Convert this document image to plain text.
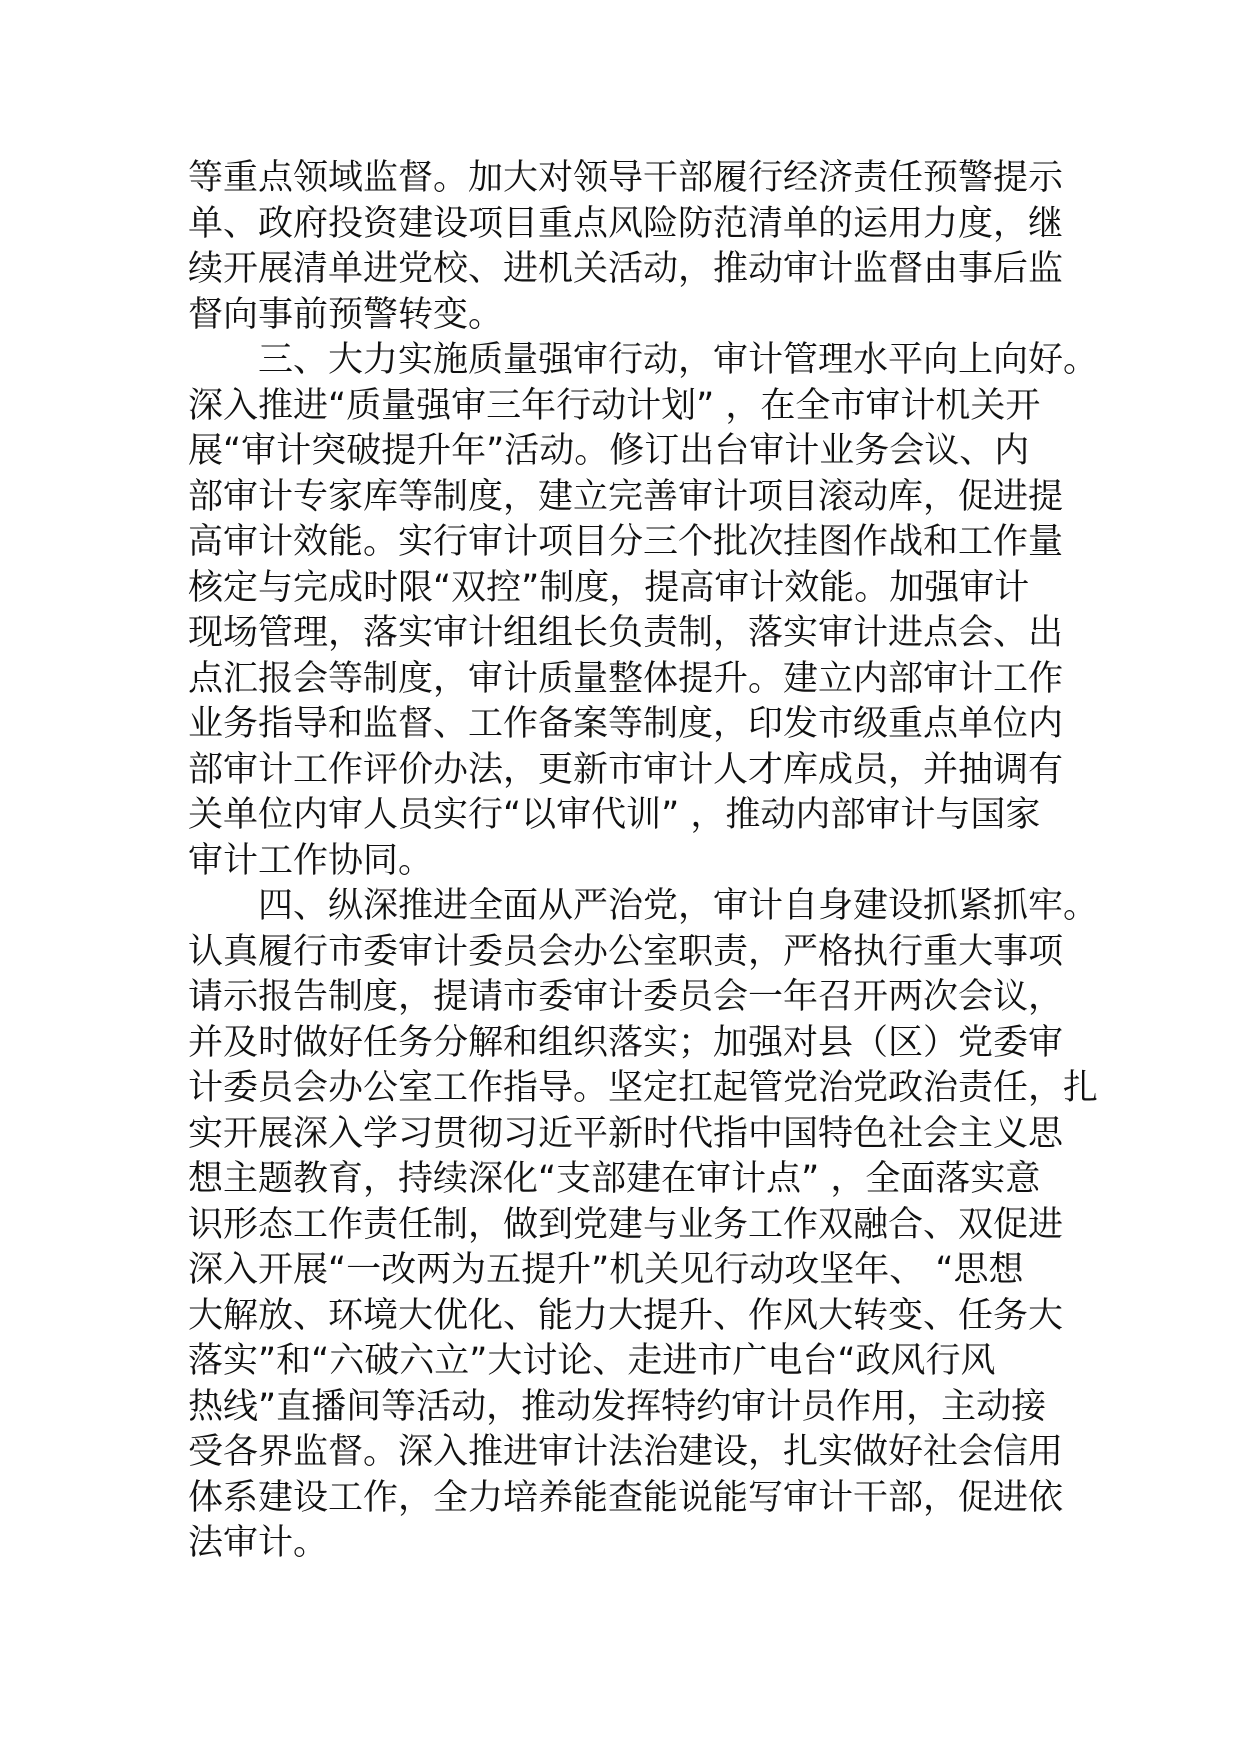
等重点领域监督。加大对领导干部履行经济责任预警提示
单、政府投资建设项目重点风险防范清单的运用力度，继
续开展清单进党校、进机关活动，推动审计监督由事后监
督向事前预警转变。
三、大力实施质量强审行动，审计管理水平向上向好。
深入推进“质量强审三年行动计划” ，在全市审计机关开
展“审计突破提升年”活动。修订出台审计业务会议、内
部审计专家库等制度，建立完善审计项目滚动库，促进提
高审计效能。实行审计项目分三个批次挂图作战和工作量
核定与完成时限“双控”制度，提高审计效能。加强审计
现场管理，落实审计组组长负责制，落实审计进点会、出
点汇报会等制度，审计质量整体提升。建立内部审计工作
业务指导和监督、工作备案等制度，印发市级重点单位内
部审计工作评价办法，更新市审计人才库成员，并抽调有
关单位内审人员实行“以审代训” ，推动内部审计与国家
审计工作协同。
四、纵深推进全面从严治党，审计自身建设抓紧抓牢。
认真履行市委审计委员会办公室职责，严格执行重大事项
请示报告制度，提请市委审计委员会一年召开两次会议，
并及时做好任务分解和组织落实；加强对县（区）党委审
计委员会办公室工作指导。坚定扛起管党治党政治责任，扎
实开展深入学习贯彻习近平新时代指中国特色社会主义思
想主题教育，持续深化“支部建在审计点” ，全面落实意
识形态工作责任制，做到党建与业务工作双融合、双促进
深入开展“一改两为五提升”机关见行动攻坚年、 “思想
大解放、环境大优化、能力大提升、作风大转变、任务大
落实”和“六破六立”大讨论、走进市广电台“政风行风
热线”直播间等活动，推动发挥特约审计员作用，主动接
受各界监督。深入推进审计法治建设，扎实做好社会信用
体系建设工作，全力培养能查能说能写审计干部，促进依
法审计。
